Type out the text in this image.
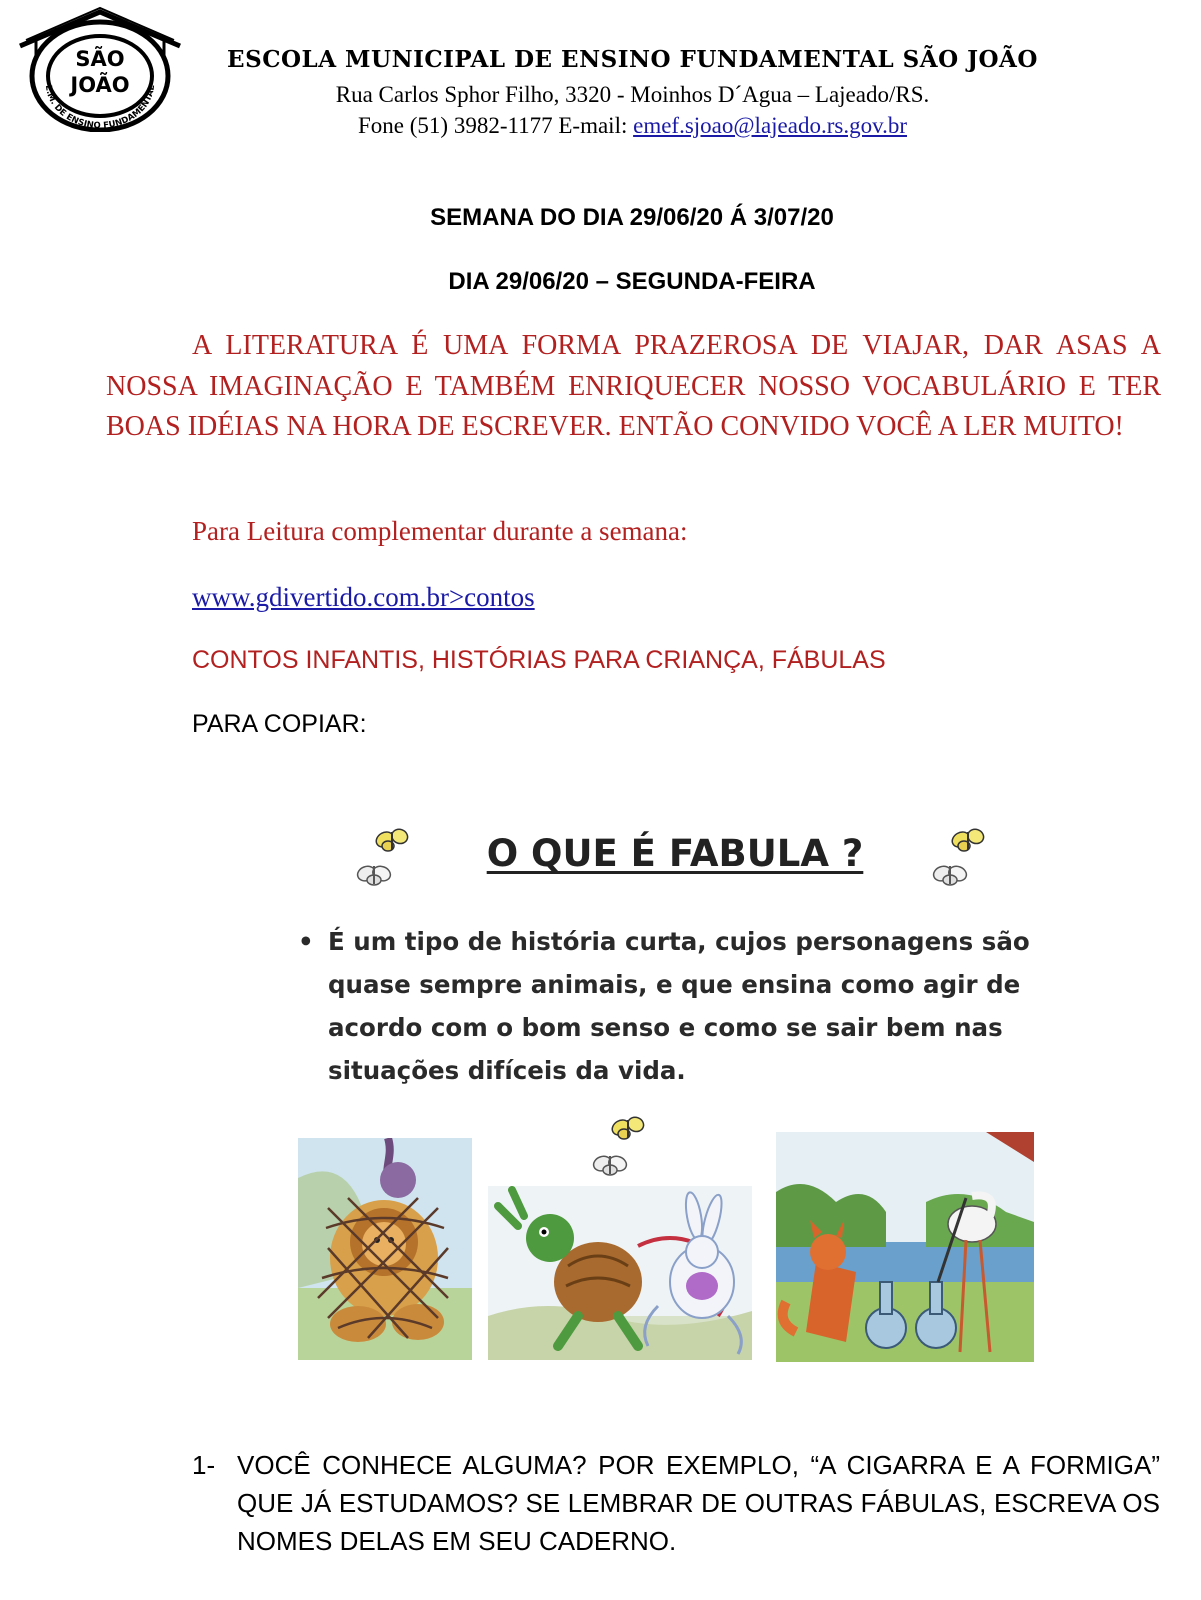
SÃO
JOÃO
E.M. DE ENSINO FUNDAMENTAL
ESCOLA MUNICIPAL DE ENSINO FUNDAMENTAL SÃO JOÃO
Rua Carlos Sphor Filho, 3320 - Moinhos D´Agua – Lajeado/RS.
Fone (51) 3982-1177 E-mail: emef.sjoao@lajeado.rs.gov.br
SEMANA DO DIA 29/06/20 Á 3/07/20
DIA 29/06/20 – SEGUNDA-FEIRA

A LITERATURA É UMA FORMA PRAZEROSA DE VIAJAR, DAR ASAS A NOSSA IMAGINAÇÃO E TAMBÉM ENRIQUECER NOSSO VOCABULÁRIO E TER BOAS IDÉIAS NA HORA DE ESCREVER. ENTÃO CONVIDO VOCÊ A LER MUITO!

Para Leitura complementar durante a semana:
www.gdivertido.com.br>contos
CONTOS INFANTIS, HISTÓRIAS PARA CRIANÇA, FÁBULAS
PARA COPIAR:
O QUE É FABULA ?

• É um tipo de história curta, cujos personagens são quase sempre animais, e que ensina como agir de acordo com o bom senso e como se sair bem nas situações difíceis da vida.

1- VOCÊ CONHECE ALGUMA? POR EXEMPLO, “A CIGARRA E A FORMIGA” QUE JÁ ESTUDAMOS? SE LEMBRAR DE OUTRAS FÁBULAS, ESCREVA OS NOMES DELAS EM SEU CADERNO.
